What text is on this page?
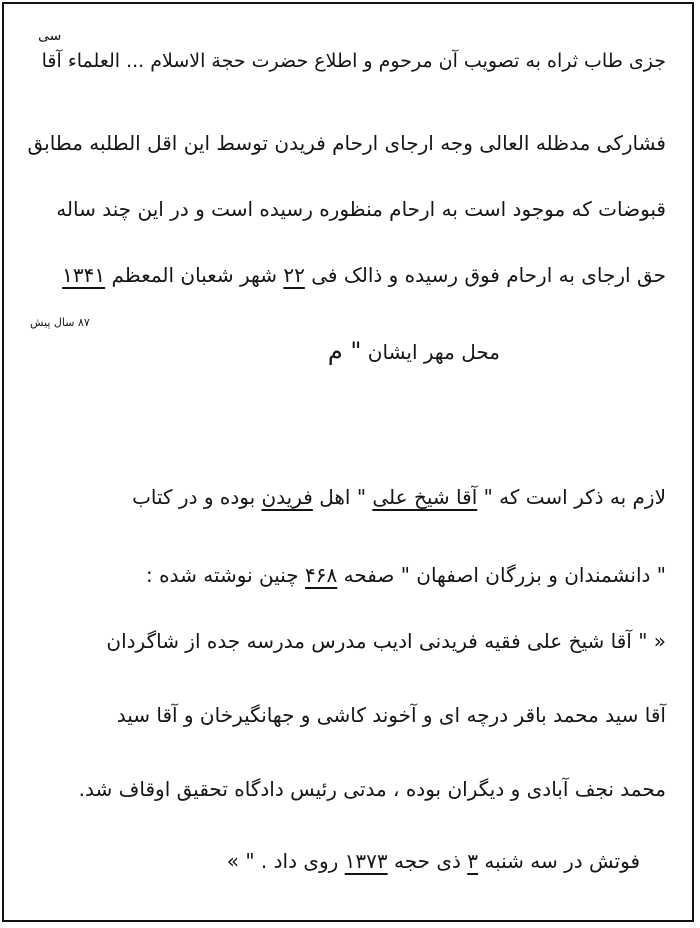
سی
جزی طاب ثراه به تصویب آن مرحوم و اطلاع حضرت حجة الاسلام ... العلماء آقا
فشارکی مدظله العالی وجه ارجای ارحام فریدن توسط این اقل الطلبه مطابق
قبوضات که موجود است به ارحام منظوره رسیده است و در این چند ساله
حق ارجای به ارحام فوق رسیده و ذالک فی ۲۲ شهر شعبان المعظم ۱۳۴۱
۸۷ سال پیش
محل مهر ایشان " م
لازم به ذکر است که " آقا شیخ علی " اهل فریدن بوده و در کتاب
" دانشمندان و بزرگان اصفهان " صفحه ۴۶۸ چنین نوشته شده :
« " آقا شیخ علی فقیه فریدنی ادیب مدرس مدرسه جده از شاگردان
آقا سید محمد باقر درچه ای و آخوند کاشی و جهانگیرخان و آقا سید
محمد نجف آبادی و دیگران بوده ، مدتی رئیس دادگاه تحقیق اوقاف شد.
فوتش در سه شنبه ۳ ذی حجه ۱۳۷۳ روی داد . " »
